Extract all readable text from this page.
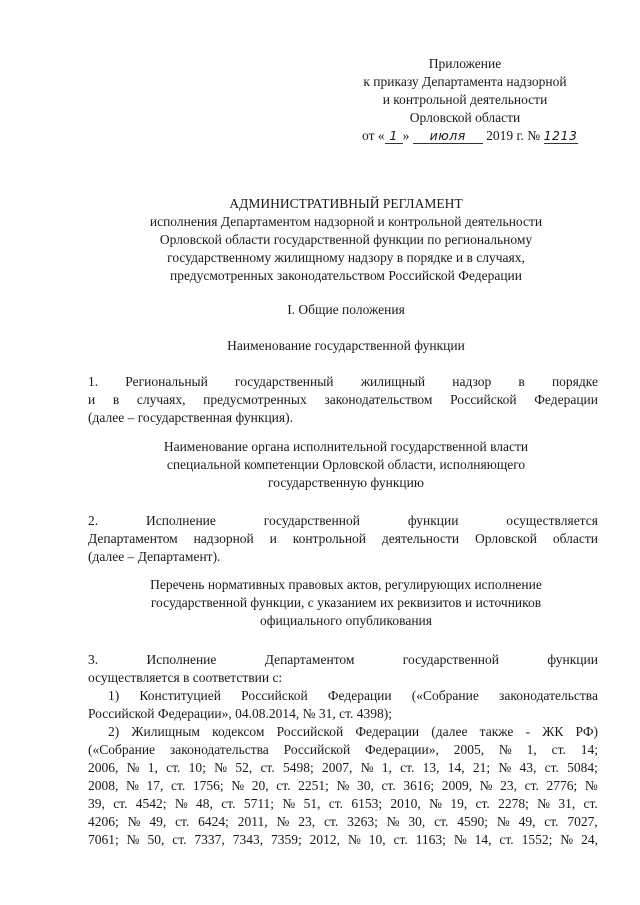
Приложение
к приказу Департамента надзорной
и контрольной деятельности
Орловской области
от « 1 » июля 2019 г. № 1213
АДМИНИСТРАТИВНЫЙ РЕГЛАМЕНТ
исполнения Департаментом надзорной и контрольной деятельности
Орловской области государственной функции по региональному
государственному жилищному надзору в порядке и в случаях,
предусмотренных законодательством Российской Федерации
I. Общие положения
Наименование государственной функции
1. Региональный государственный жилищный надзор в порядке
и в случаях, предусмотренных законодательством Российской Федерации
(далее – государственная функция).
Наименование органа исполнительной государственной власти
специальной компетенции Орловской области, исполняющего
государственную функцию
2.	Исполнение	государственной	функции	осуществляется
Департаментом надзорной и контрольной деятельности Орловской области
(далее – Департамент).
Перечень нормативных правовых актов, регулирующих исполнение
государственной функции, с указанием их реквизитов и источников
официального опубликования
3.	Исполнение	Департаментом	государственной	функции
осуществляется в соответствии с:
1) Конституцией Российской Федерации («Собрание законодательства
Российской Федерации», 04.08.2014, № 31, ст. 4398);
2) Жилищным кодексом Российской Федерации (далее также - ЖК РФ)
(«Собрание законодательства Российской Федерации», 2005, № 1, ст. 14;
2006, № 1, ст. 10; № 52, ст. 5498; 2007, № 1, ст. 13, 14, 21; № 43, ст. 5084;
2008, № 17, ст. 1756; № 20, ст. 2251; № 30, ст. 3616; 2009, № 23, ст. 2776; №
39, ст. 4542; № 48, ст. 5711; № 51, ст. 6153; 2010, № 19, ст. 2278; № 31, ст.
4206; № 49, ст. 6424; 2011, № 23, ст. 3263; № 30, ст. 4590; № 49, ст. 7027,
7061; № 50, ст. 7337, 7343, 7359; 2012, № 10, ст. 1163; № 14, ст. 1552; № 24,
